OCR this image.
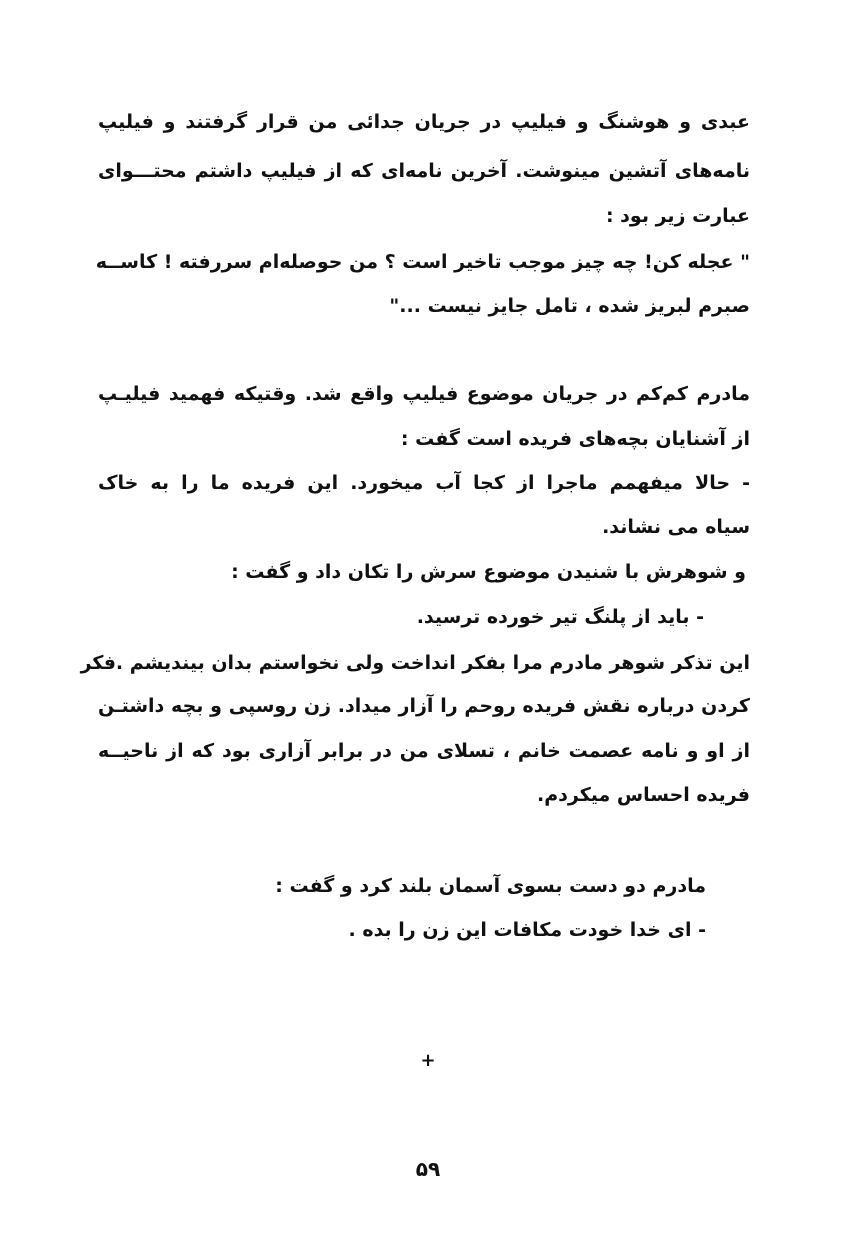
عبدی و هوشنگ و فیلیپ در جریان جدائی من قرار گرفتند و فیلیپ
نامه‌های آتشین مینوشت. آخرین نامه‌ای که از فیلیپ داشتم محتـــوای
عبارت زیر بود :
" عجله کن! چه چیز موجب تاخیر است ؟ من حوصله‌ام سررفته ! کاســه
صبرم لبریز شده ، تامل جایز نیست ..."
مادرم کم‌کم در جریان موضوع فیلیپ واقع شد. وقتیکه فهمید فیلیـپ
از آشنایان بچه‌های فریده است گفت :
- حالا میفهمم ماجرا از کجا آب میخورد. این فریده ما را به خاک
سیاه می نشاند.
و شوهرش با شنیدن موضوع سرش را تکان داد و گفت :
- باید از پلنگ تیر خورده ترسید.
این تذکر شوهر مادرم مرا بفکر انداخت ولی نخواستم بدان بیندیشم .فکر
کردن درباره نقش فریده روحم را آزار میداد. زن روسپی و بچه داشتـن
از او و نامه عصمت خانم ، تسلای من در برابر آزاری بود که از ناحیــه
فریده احساس میکردم.
مادرم دو دست بسوی آسمان بلند کرد و گفت :
- ای خدا خودت مکافات این زن را بده .
+
۵۹
